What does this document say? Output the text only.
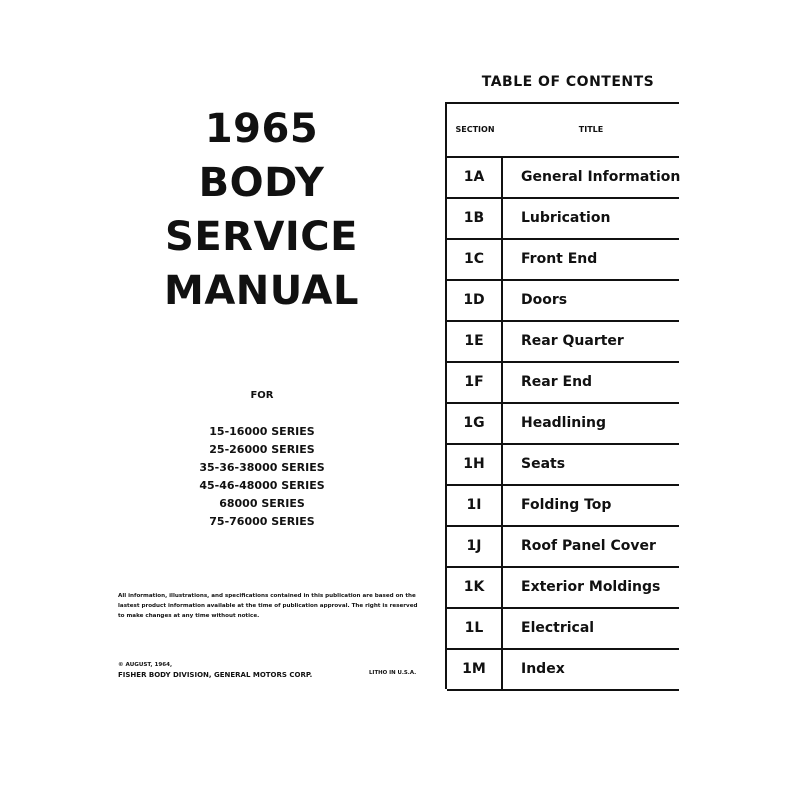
1965
BODY
SERVICE
MANUAL
FOR
15-16000 SERIES
25-26000 SERIES
35-36-38000 SERIES
45-46-48000 SERIES
68000 SERIES
75-76000 SERIES
All information, illustrations, and specifications contained in this publication are based on the lastest product information available at the time of publication approval. The right is reserved to make changes at any time without notice.
© AUGUST, 1964,
FISHER BODY DIVISION, GENERAL MOTORS CORP.	LITHO IN U.S.A.
TABLE OF CONTENTS
SECTION	TITLE
1A	General Information
1B	Lubrication
1C	Front End
1D	Doors
1E	Rear Quarter
1F	Rear End
1G	Headlining
1H	Seats
1I	Folding Top
1J	Roof Panel Cover
1K	Exterior Moldings
1L	Electrical
1M	Index
